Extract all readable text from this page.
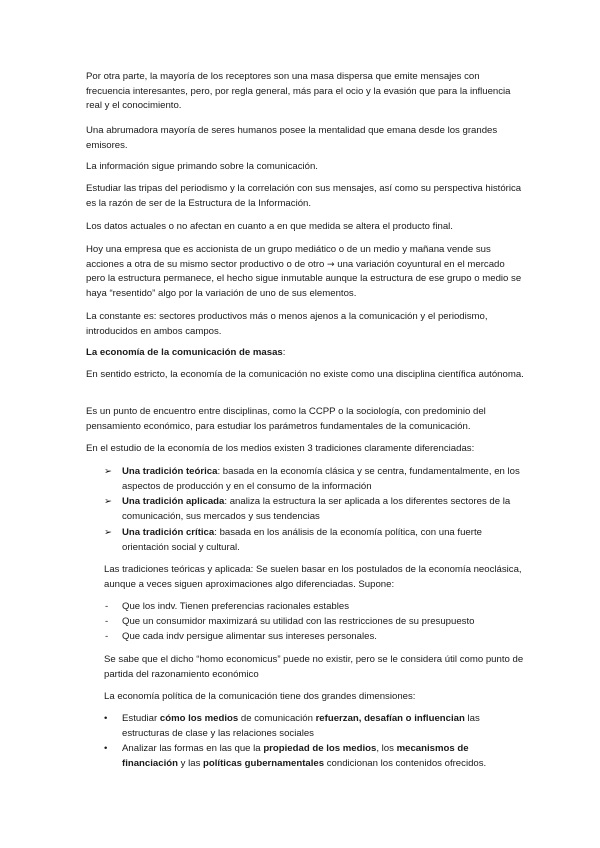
Por otra parte, la mayoría de los receptores son una masa dispersa que emite mensajes con frecuencia interesantes, pero, por regla general, más para el ocio y la evasión que para la influencia real y el conocimiento.

Una abrumadora mayoría de seres humanos posee la mentalidad que emana desde los grandes emisores.

La información sigue primando sobre la comunicación.

Estudiar las tripas del periodismo y la correlación con sus mensajes, así como su perspectiva histórica es la razón de ser de la Estructura de la Información.

Los datos actuales o no afectan en cuanto a en que medida se altera el producto final.

Hoy una empresa que es accionista de un grupo mediático o de un medio y mañana vende sus acciones a otra de su mismo sector productivo o de otro → una variación coyuntural en el mercado pero la estructura permanece, el hecho sigue inmutable aunque la estructura de ese grupo o medio se haya “resentido” algo por la variación de uno de sus elementos.

La constante es: sectores productivos más o menos ajenos a la comunicación y el periodismo, introducidos en ambos campos.

La economía de la comunicación de masas:

En sentido estricto, la economía de la comunicación no existe como una disciplina científica autónoma.

Es un punto de encuentro entre disciplinas, como la CCPP o la sociología, con predominio del pensamiento económico, para estudiar los parámetros fundamentales de la comunicación.

En el estudio de la economía de los medios existen 3 tradiciones claramente diferenciadas:

➢ Una tradición teórica: basada en la economía clásica y se centra, fundamentalmente, en los aspectos de producción y en el consumo de la información
➢ Una tradición aplicada: analiza la estructura la ser aplicada a los diferentes sectores de la comunicación, sus mercados y sus tendencias
➢ Una tradición crítica: basada en los análisis de la economía política, con una fuerte orientación social y cultural.

Las tradiciones teóricas y aplicada: Se suelen basar en los postulados de la economía neoclásica, aunque a veces siguen aproximaciones algo diferenciadas. Supone:

- Que los indv. Tienen preferencias racionales estables
- Que un consumidor maximizará su utilidad con las restricciones de su presupuesto
- Que cada indv persigue alimentar sus intereses personales.

Se sabe que el dicho “homo economicus” puede no existir, pero se le considera útil como punto de partida del razonamiento económico

La economía política de la comunicación tiene dos grandes dimensiones:

• Estudiar cómo los medios de comunicación refuerzan, desafían o influencian las estructuras de clase y las relaciones sociales
• Analizar las formas en las que la propiedad de los medios, los mecanismos de financiación y las políticas gubernamentales condicionan los contenidos ofrecidos.
